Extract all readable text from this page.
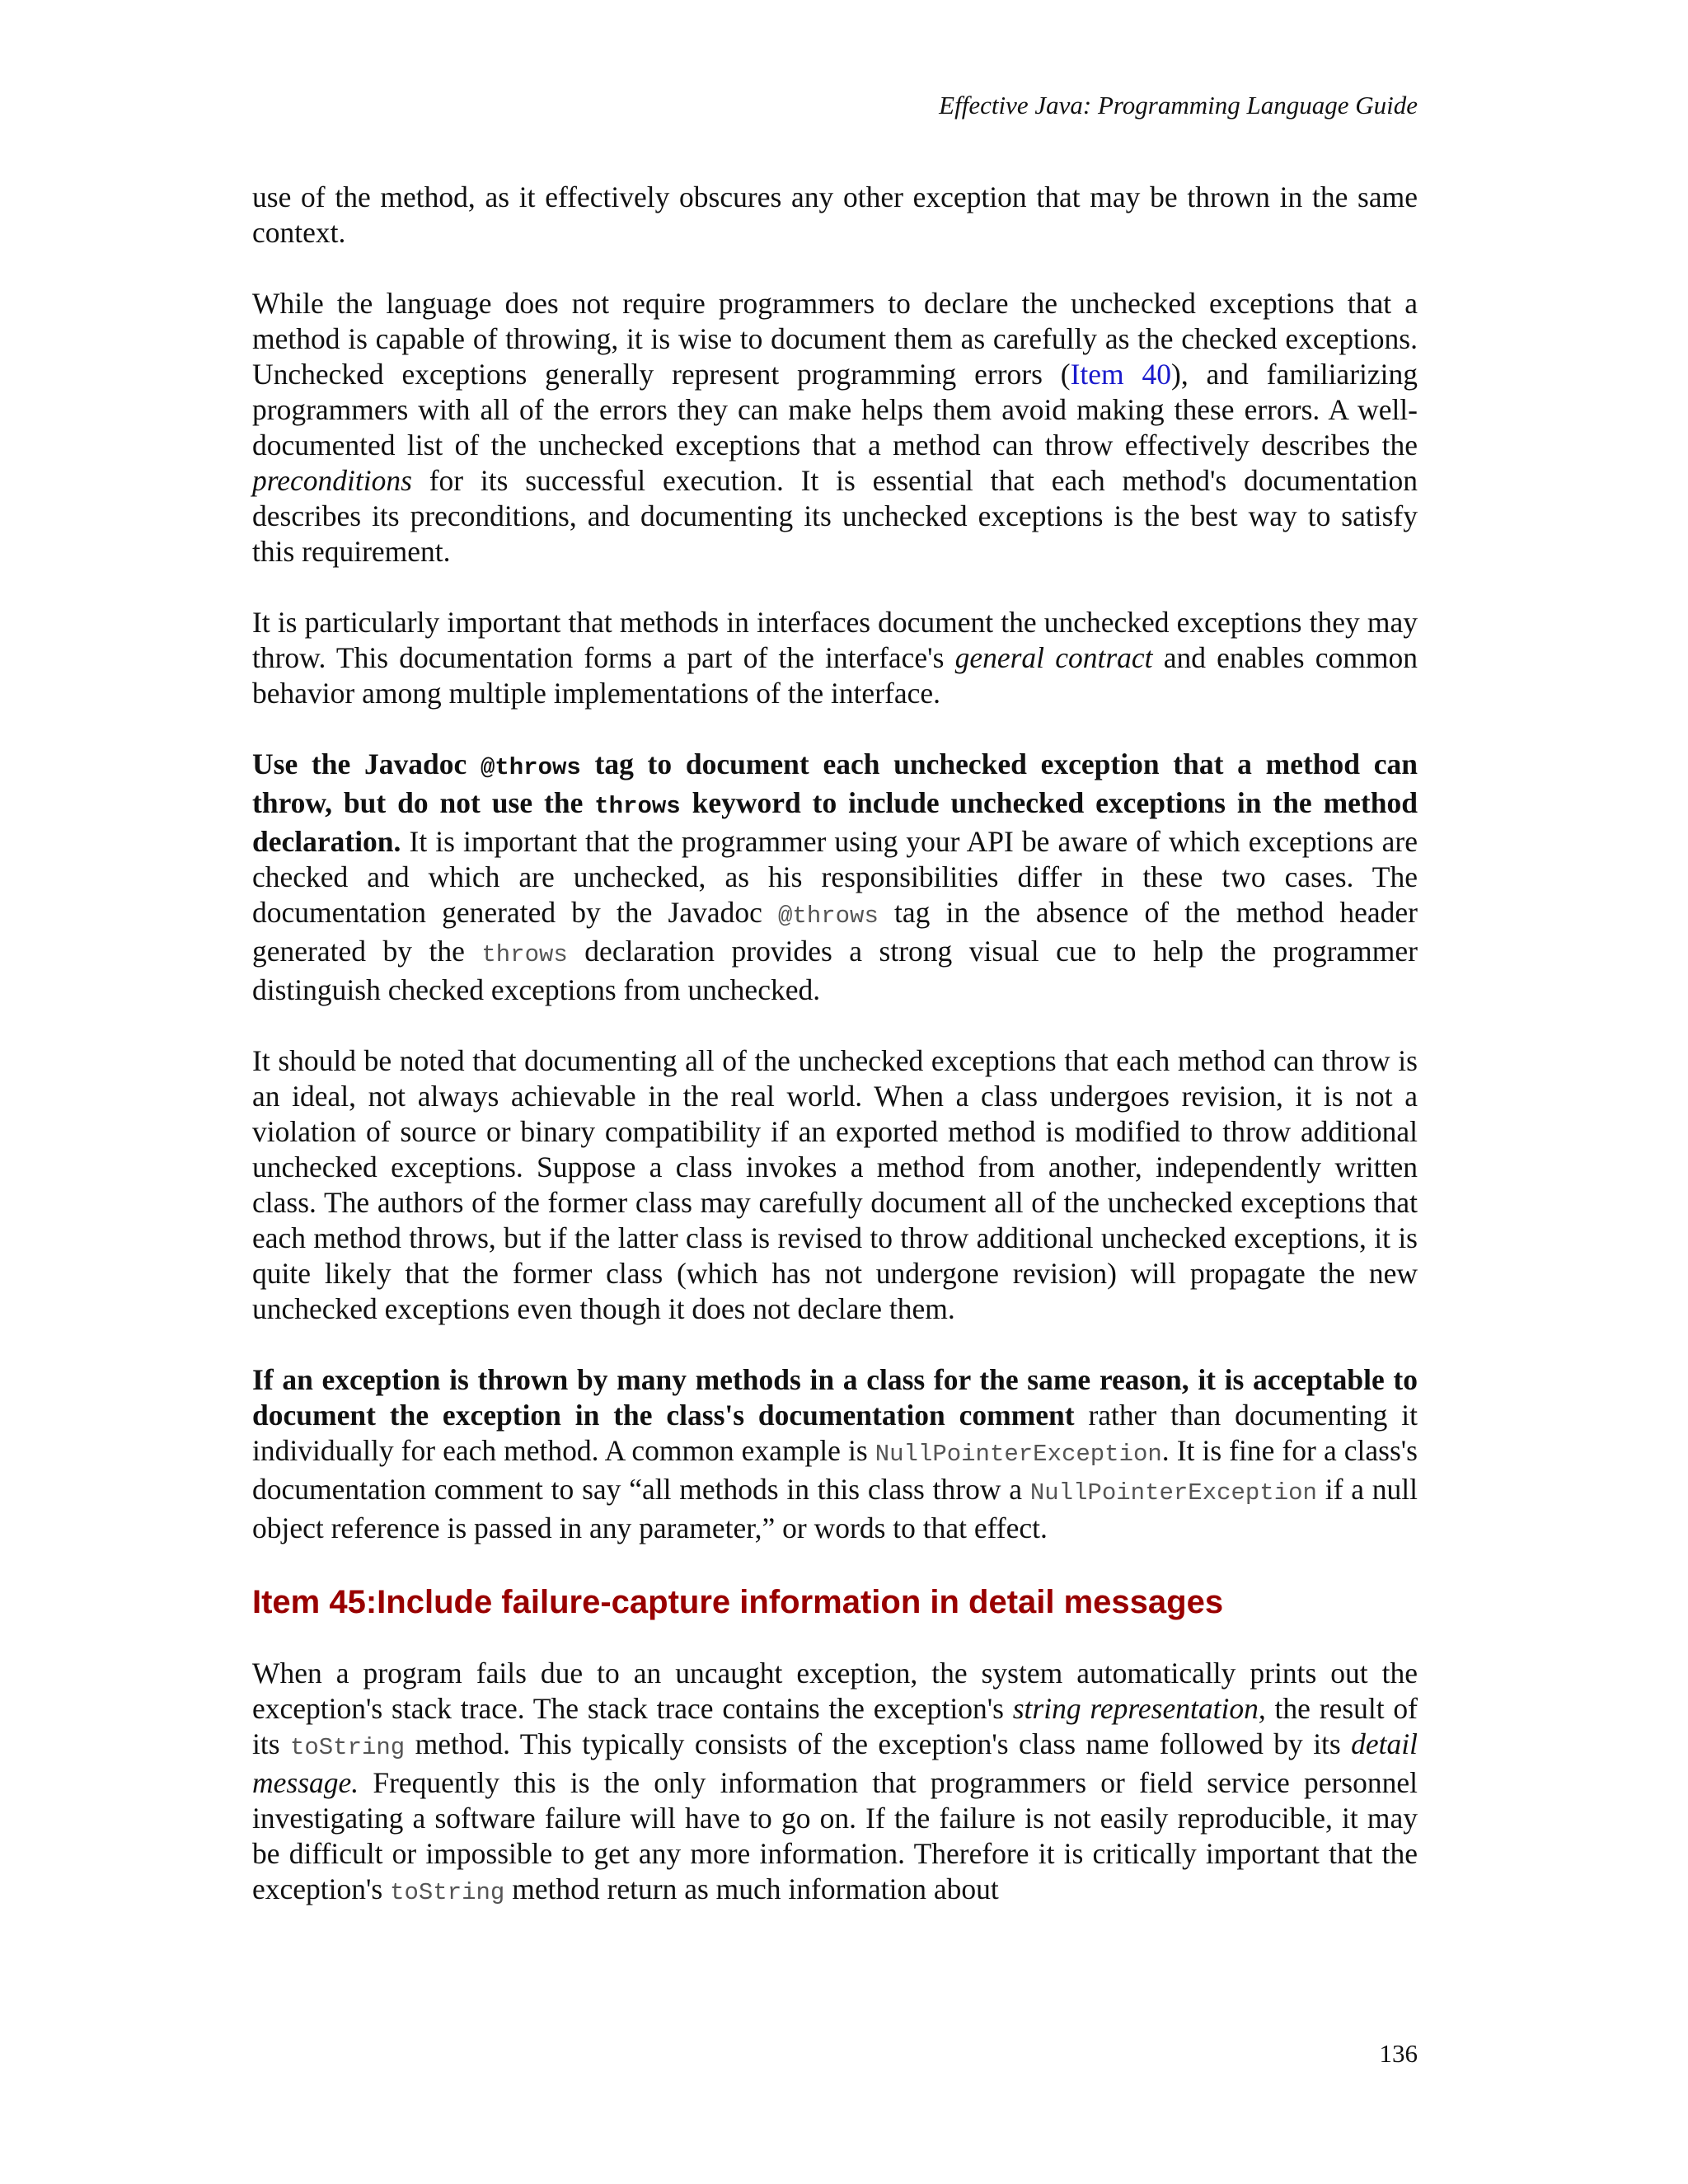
Effective Java: Programming Language Guide

use of the method, as it effectively obscures any other exception that may be thrown in the same context.

While the language does not require programmers to declare the unchecked exceptions that a method is capable of throwing, it is wise to document them as carefully as the checked exceptions. Unchecked exceptions generally represent programming errors (Item 40), and familiarizing programmers with all of the errors they can make helps them avoid making these errors. A well-documented list of the unchecked exceptions that a method can throw effectively describes the preconditions for its successful execution. It is essential that each method's documentation describes its preconditions, and documenting its unchecked exceptions is the best way to satisfy this requirement.

It is particularly important that methods in interfaces document the unchecked exceptions they may throw. This documentation forms a part of the interface's general contract and enables common behavior among multiple implementations of the interface.

Use the Javadoc @throws tag to document each unchecked exception that a method can throw, but do not use the throws keyword to include unchecked exceptions in the method declaration. It is important that the programmer using your API be aware of which exceptions are checked and which are unchecked, as his responsibilities differ in these two cases. The documentation generated by the Javadoc @throws tag in the absence of the method header generated by the throws declaration provides a strong visual cue to help the programmer distinguish checked exceptions from unchecked.

It should be noted that documenting all of the unchecked exceptions that each method can throw is an ideal, not always achievable in the real world. When a class undergoes revision, it is not a violation of source or binary compatibility if an exported method is modified to throw additional unchecked exceptions. Suppose a class invokes a method from another, independently written class. The authors of the former class may carefully document all of the unchecked exceptions that each method throws, but if the latter class is revised to throw additional unchecked exceptions, it is quite likely that the former class (which has not undergone revision) will propagate the new unchecked exceptions even though it does not declare them.

If an exception is thrown by many methods in a class for the same reason, it is acceptable to document the exception in the class's documentation comment rather than documenting it individually for each method. A common example is NullPointerException. It is fine for a class's documentation comment to say “all methods in this class throw a NullPointerException if a null object reference is passed in any parameter,” or words to that effect.

Item 45:Include failure-capture information in detail messages

When a program fails due to an uncaught exception, the system automatically prints out the exception's stack trace. The stack trace contains the exception's string representation, the result of its toString method. This typically consists of the exception's class name followed by its detail message. Frequently this is the only information that programmers or field service personnel investigating a software failure will have to go on. If the failure is not easily reproducible, it may be difficult or impossible to get any more information. Therefore it is critically important that the exception's toString method return as much information about

136
